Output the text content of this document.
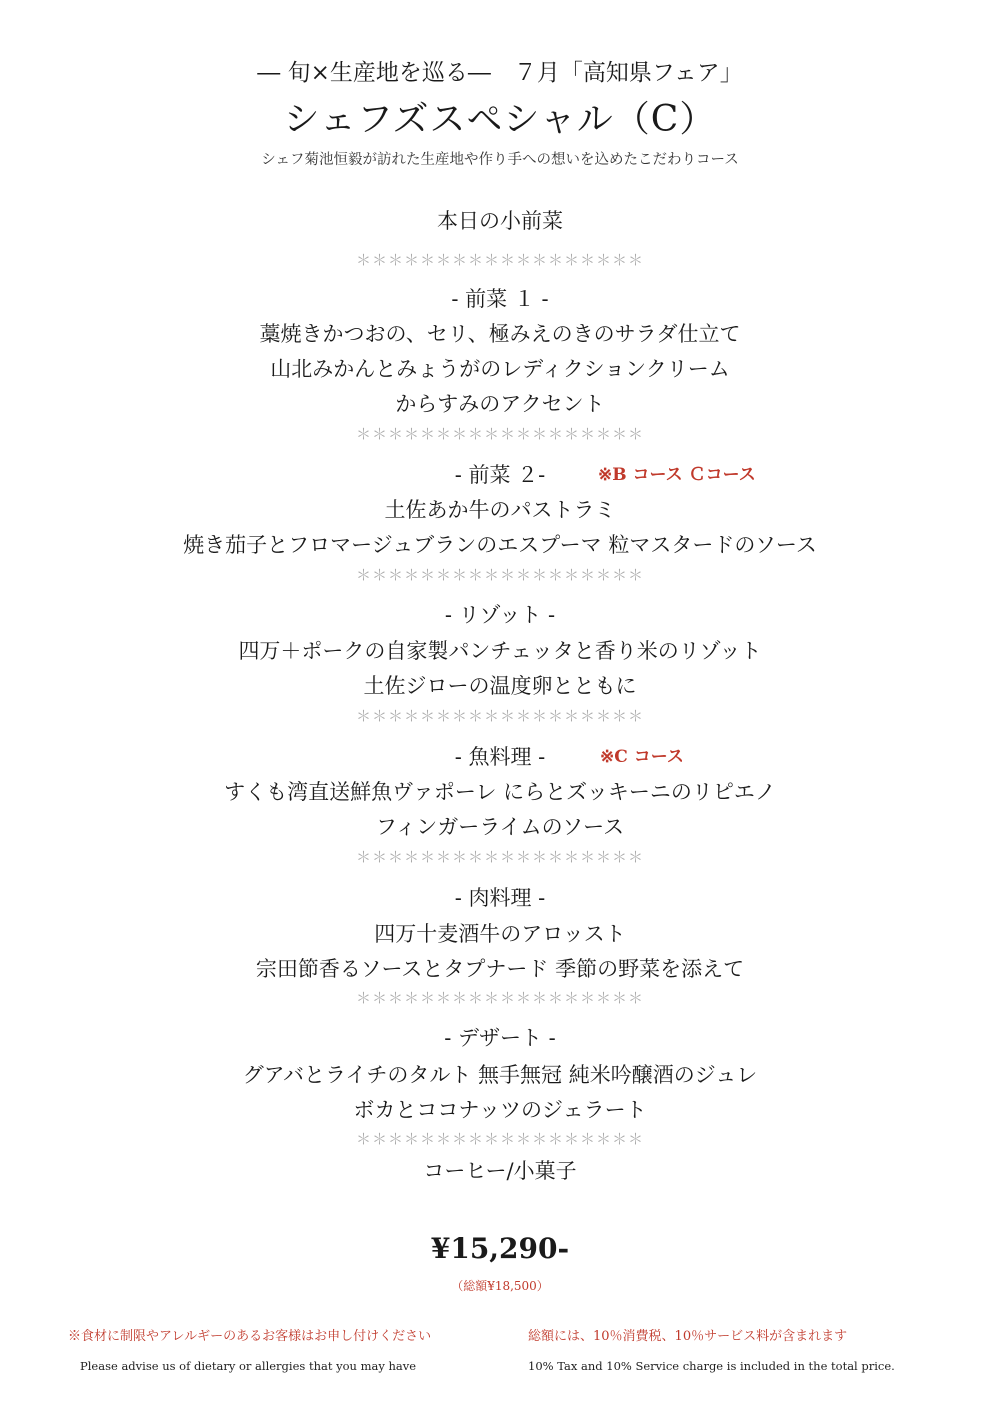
― 旬×生産地を巡る―　７月「高知県フェア」
シェフズスペシャル（C）
シェフ菊池恒毅が訪れた生産地や作り手への想いを込めたこだわりコース
本日の小前菜
＊＊＊＊＊＊＊＊＊＊＊＊＊＊＊＊＊＊
- 前菜 １ -
藁焼きかつおの、セリ、極みえのきのサラダ仕立て
山北みかんとみょうがのレディクションクリーム
からすみのアクセント
＊＊＊＊＊＊＊＊＊＊＊＊＊＊＊＊＊＊
- 前菜 ２-	※B コース Ｃコース
土佐あか牛のパストラミ
焼き茄子とフロマージュブランのエスプーマ 粒マスタードのソース
＊＊＊＊＊＊＊＊＊＊＊＊＊＊＊＊＊＊
- リゾット -
四万＋ポークの自家製パンチェッタと香り米のリゾット
土佐ジローの温度卵とともに
＊＊＊＊＊＊＊＊＊＊＊＊＊＊＊＊＊＊
- 魚料理 -	※C コース
すくも湾直送鮮魚ヴァポーレ にらとズッキーニのリピエノ
フィンガーライムのソース
＊＊＊＊＊＊＊＊＊＊＊＊＊＊＊＊＊＊
- 肉料理 -
四万十麦酒牛のアロッスト
宗田節香るソースとタプナード 季節の野菜を添えて
＊＊＊＊＊＊＊＊＊＊＊＊＊＊＊＊＊＊
- デザート -
グアバとライチのタルト 無手無冠 純米吟醸酒のジュレ
ボカとココナッツのジェラート
＊＊＊＊＊＊＊＊＊＊＊＊＊＊＊＊＊＊
コーヒー/小菓子
¥15,290-
（総額¥18,500）
※食材に制限やアレルギーのあるお客様はお申し付けください
Please advise us of dietary or allergies that you may have
総額には、10％消費税、10％サービス料が含まれます
10% Tax and 10% Service charge is included in the total price.
